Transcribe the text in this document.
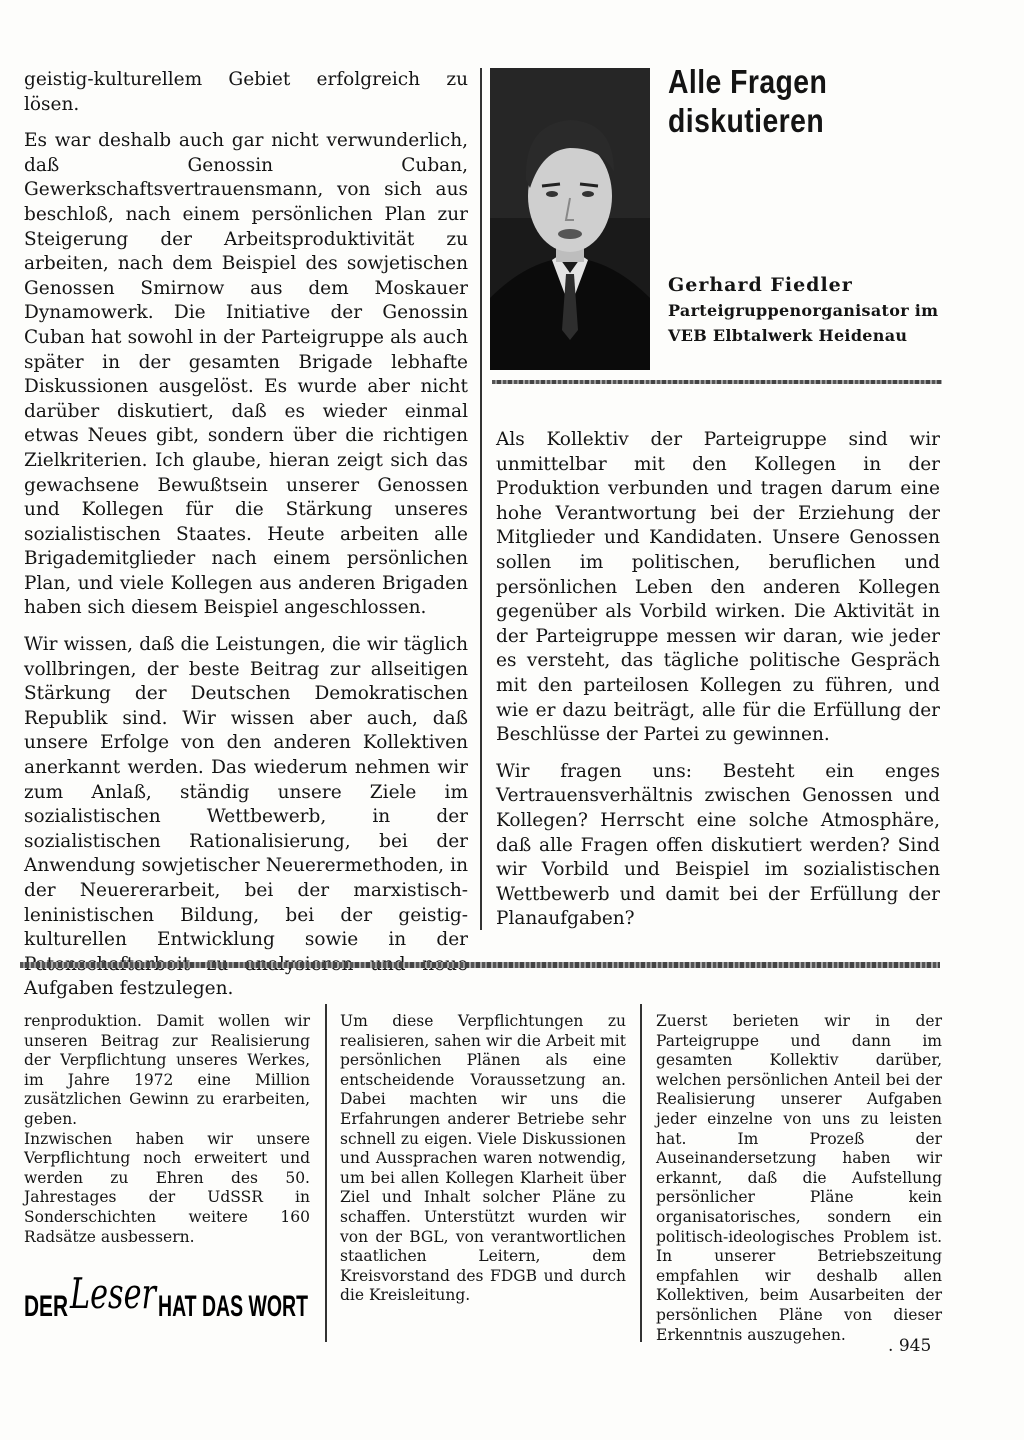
geistig-kulturellem Gebiet erfolgreich zu lösen.

Es war deshalb auch gar nicht verwunderlich, daß Genossin Cuban, Gewerkschaftsvertrauensmann, von sich aus beschloß, nach einem persönlichen Plan zur Steigerung der Arbeitsproduktivität zu arbeiten, nach dem Beispiel des sowjetischen Genossen Smirnow aus dem Moskauer Dynamowerk. Die Initiative der Genossin Cuban hat sowohl in der Parteigruppe als auch später in der gesamten Brigade lebhafte Diskussionen ausgelöst. Es wurde aber nicht darüber diskutiert, daß es wieder einmal etwas Neues gibt, sondern über die richtigen Zielkriterien. Ich glaube, hieran zeigt sich das gewachsene Bewußtsein unserer Genossen und Kollegen für die Stärkung unseres sozialistischen Staates. Heute arbeiten alle Brigademitglieder nach einem persönlichen Plan, und viele Kollegen aus anderen Brigaden haben sich diesem Beispiel angeschlossen.

Wir wissen, daß die Leistungen, die wir täglich vollbringen, der beste Beitrag zur allseitigen Stärkung der Deutschen Demokratischen Republik sind. Wir wissen aber auch, daß unsere Erfolge von den anderen Kollektiven anerkannt werden. Das wiederum nehmen wir zum Anlaß, ständig unsere Ziele im sozialistischen Wettbewerb, in der sozialistischen Rationalisierung, bei der Anwendung sowjetischer Neuerermethoden, in der Neuererarbeit, bei der marxistisch-leninistischen Bildung, bei der geistig-kulturellen Entwicklung sowie in der Aufgaben festzulegen.

Alle Fragen
diskutieren
Gerhard Fiedler
Parteigruppenorganisator im
VEB Elbtalwerk Heidenau

Als Kollektiv der Parteigruppe sind wir unmittelbar mit den Kollegen in der Produktion verbunden und tragen darum eine hohe Verantwortung bei der Erziehung der Mitglieder und Kandidaten. Unsere Genossen sollen im politischen, beruflichen und persönlichen Leben den anderen Kollegen gegenüber als Vorbild wirken. Die Aktivität in der Parteigruppe messen wir daran, wie jeder es versteht, das tägliche politische Gespräch mit den parteilosen Kollegen zu führen, und wie er dazu beiträgt, alle für die Erfüllung der Beschlüsse der Partei zu gewinnen.

Wir fragen uns: Besteht ein enges Vertrauensverhältnis zwischen Genossen und Kollegen? Herrscht eine solche Atmosphäre, daß alle Fragen offen diskutiert werden? Sind wir Vorbild und Beispiel im sozialistischen Wettbewerb und damit bei der Erfüllung der Planaufgaben?

renproduktion. Damit wollen wir unseren Beitrag zur Realisierung der Verpflichtung unseres Werkes, im Jahre 1972 eine Million zusätzlichen Gewinn zu erarbeiten, geben.

Inzwischen haben wir unsere Verpflichtung noch erweitert und werden zu Ehren des 50. Jahrestages der UdSSR in Sonderschichten weitere 160 Radsätze ausbessern.

Um diese Verpflichtungen zu realisieren, sahen wir die Arbeit mit persönlichen Plänen als eine entscheidende Voraussetzung an. Dabei machten wir uns die Erfahrungen anderer Betriebe sehr schnell zu eigen. Viele Diskussionen und Aussprachen waren notwendig, um bei allen Kollegen Klarheit über Ziel und Inhalt solcher Pläne zu schaffen. Unterstützt wurden wir von der BGL, von verantwortlichen staatlichen Leitern, dem Kreisvorstand des FDGB und durch die Kreisleitung.

Zuerst berieten wir in der Parteigruppe und dann im gesamten Kollektiv darüber, welchen persönlichen Anteil bei der Realisierung unserer Aufgaben jeder einzelne von uns zu leisten hat. Im Prozeß der Auseinandersetzung haben wir erkannt, daß die Aufstellung persönlicher Pläne kein organisatorisches, sondern ein politisch-ideologisches Problem ist. In unserer Betriebszeitung empfahlen wir deshalb allen Kollektiven, beim Ausarbeiten der persönlichen Pläne von dieser Erkenntnis auszugehen.

DER Leser HAT DAS WORT
. 945
